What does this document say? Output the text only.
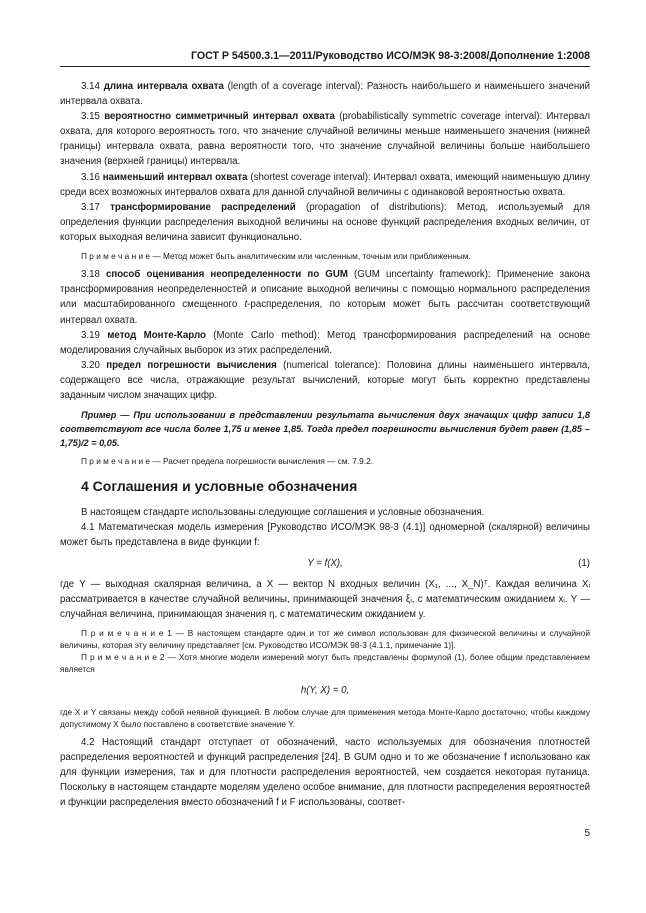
ГОСТ Р 54500.3.1—2011/Руководство ИСО/МЭК 98-3:2008/Дополнение 1:2008

3.14 длина интервала охвата (length of a coverage interval): Разность наибольшего и наименьшего значений интервала охвата.

3.15 вероятностно симметричный интервал охвата (probabilistically symmetric coverage interval): Интервал охвата, для которого вероятность того, что значение случайной величины меньше наименьшего значения (нижней границы) интервала охвата, равна вероятности того, что значение случайной величины больше наибольшего значения (верхней границы) интервала.

3.16 наименьший интервал охвата (shortest coverage interval): Интервал охвата, имеющий наименьшую длину среди всех возможных интервалов охвата для данной случайной величины с одинаковой вероятностью охвата.

3.17 трансформирование распределений (propagation of distributions): Метод, используемый для определения функции распределения выходной величины на основе функций распределения входных величин, от которых выходная величина зависит функционально.

П р и м е ч а н и е — Метод может быть аналитическим или численным, точным или приближенным.

3.18 способ оценивания неопределенности по GUM (GUM uncertainty framework): Применение закона трансформирования неопределенностей и описание выходной величины с помощью нормального распределения или масштабированного смещенного t-распределения, по которым может быть рассчитан соответствующий интервал охвата.

3.19 метод Монте-Карло (Monte Carlo method): Метод трансформирования распределений на основе моделирования случайных выборок из этих распределений.

3.20 предел погрешности вычисления (numerical tolerance): Половина длины наименьшего интервала, содержащего все числа, отражающие результат вычислений, которые могут быть корректно представлены заданным числом значащих цифр.

Пример — При использовании в представлении результата вычисления двух значащих цифр записи 1,8 соответствуют все числа более 1,75 и менее 1,85. Тогда предел погрешности вычисления будет равен (1,85 – 1,75)/2 = 0,05.

П р и м е ч а н и е — Расчет предела погрешности вычисления — см. 7.9.2.

4 Соглашения и условные обозначения

В настоящем стандарте использованы следующие соглашения и условные обозначения.

4.1 Математическая модель измерения [Руководство ИСО/МЭК 98-3 (4.1)] одномерной (скалярной) величины может быть представлена в виде функции f:

Y = f(X),	(1)

где Y — выходная скалярная величина, а X — вектор N входных величин (X₁, ..., X_N)ᵀ. Каждая величина Xᵢ рассматривается в качестве случайной величины, принимающей значения ξᵢ, с математическим ожиданием xᵢ. Y — случайная величина, принимающая значения η, с математическим ожиданием y.

П р и м е ч а н и е 1 — В настоящем стандарте один и тот же символ использован для физической величины и случайной величины, которая эту величину представляет [см. Руководство ИСО/МЭК 98-3 (4.1.1, примечание 1)].

П р и м е ч а н и е 2 — Хотя многие модели измерений могут быть представлены формулой (1), более общим представлением является

h(Y, X) = 0,

где X и Y связаны между собой неявной функцией. В любом случае для применения метода Монте-Карло достаточно, чтобы каждому допустимому X было поставлено в соответствие значение Y.

4.2 Настоящий стандарт отступает от обозначений, часто используемых для обозначения плотностей распределения вероятностей и функций распределения [24]. В GUM одно и то же обозначение f использовано как для функции измерения, так и для плотности распределения вероятностей, чем создается некоторая путаница. Поскольку в настоящем стандарте моделям уделено особое внимание, для плотности распределения вероятностей и функции распределения вместо обозначений f и F использованы, соответ-

5
